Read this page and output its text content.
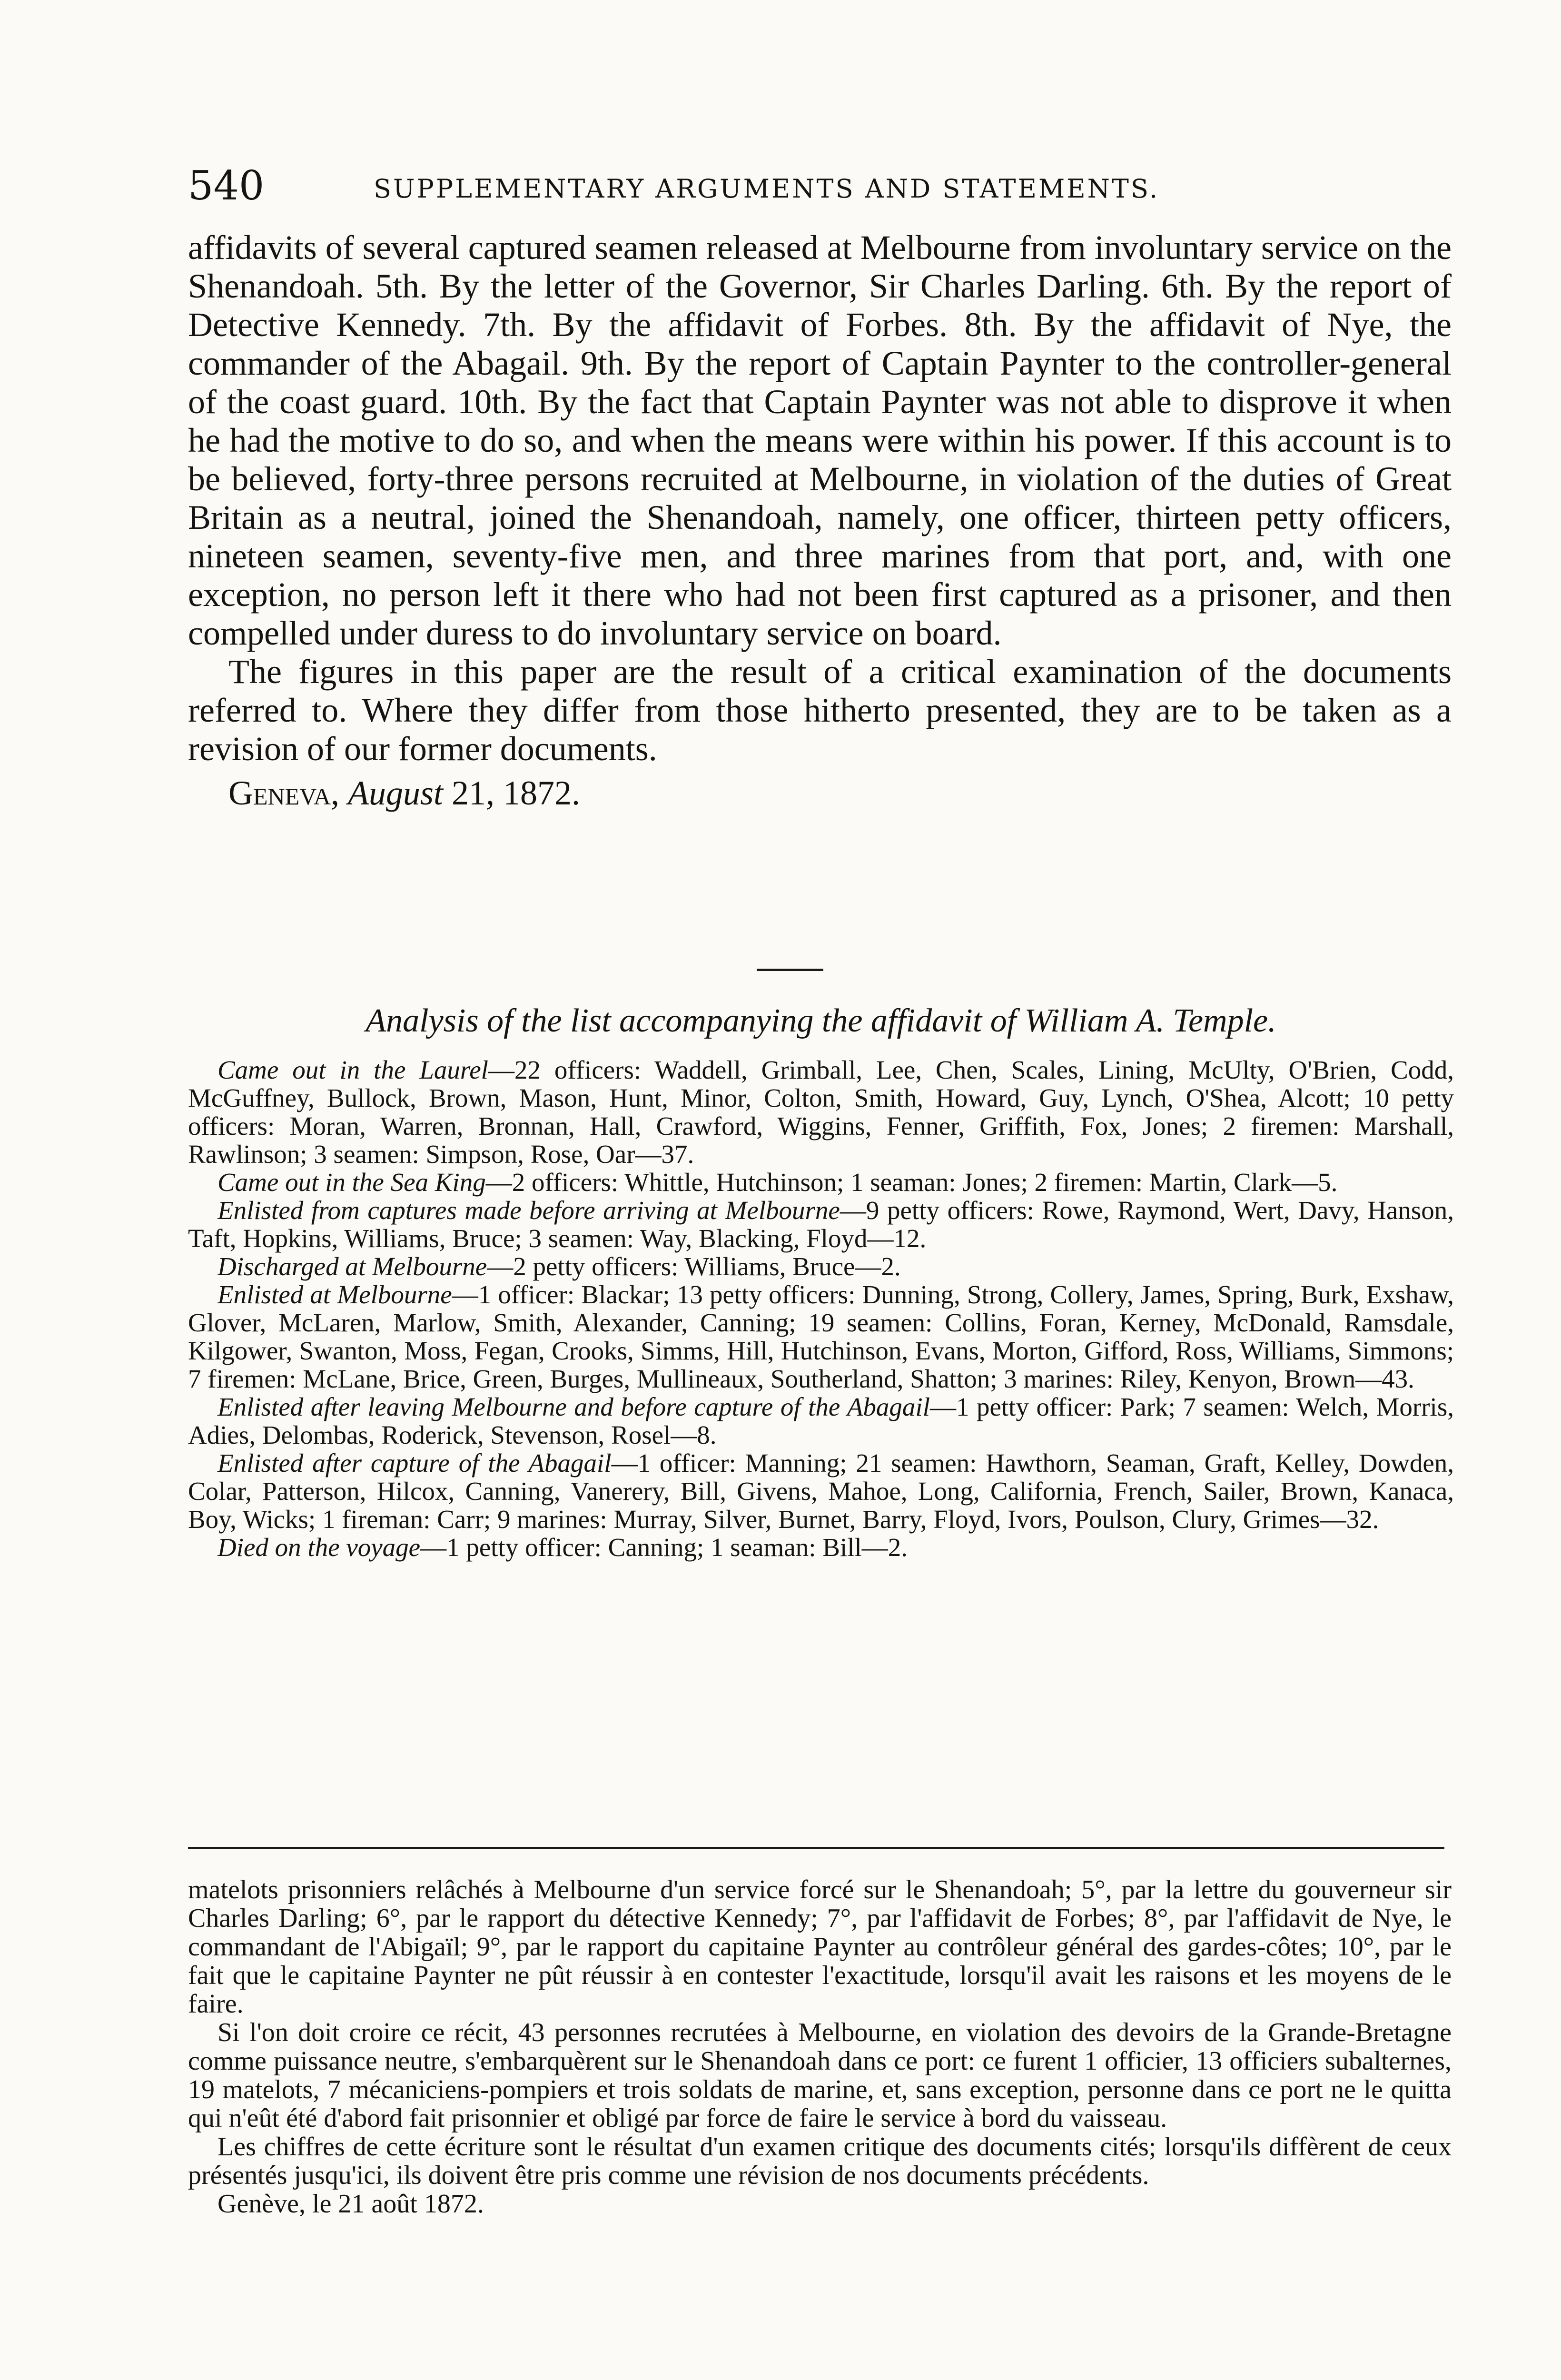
540	SUPPLEMENTARY ARGUMENTS AND STATEMENTS.

affidavits of several captured seamen released at Melbourne from involuntary service on the Shenandoah. 5th. By the letter of the Governor, Sir Charles Darling. 6th. By the report of Detective Kennedy. 7th. By the affidavit of Forbes. 8th. By the affidavit of Nye, the commander of the Abagail. 9th. By the report of Captain Paynter to the controller-general of the coast guard. 10th. By the fact that Captain Paynter was not able to disprove it when he had the motive to do so, and when the means were within his power. If this account is to be believed, forty-three persons recruited at Melbourne, in violation of the duties of Great Britain as a neutral, joined the Shenandoah, namely, one officer, thirteen petty officers, nineteen seamen, seventy-five men, and three marines from that port, and, with one exception, no person left it there who had not been first captured as a prisoner, and then compelled under duress to do involuntary service on board.

The figures in this paper are the result of a critical examination of the documents referred to. Where they differ from those hitherto presented, they are to be taken as a revision of our former documents.

Geneva, August 21, 1872.

Analysis of the list accompanying the affidavit of William A. Temple.

Came out in the Laurel—22 officers: Waddell, Grimball, Lee, Chen, Scales, Lining, McUlty, O'Brien, Codd, McGuffney, Bullock, Brown, Mason, Hunt, Minor, Colton, Smith, Howard, Guy, Lynch, O'Shea, Alcott; 10 petty officers: Moran, Warren, Bronnan, Hall, Crawford, Wiggins, Fenner, Griffith, Fox, Jones; 2 firemen: Marshall, Rawlinson; 3 seamen: Simpson, Rose, Oar—37.

Came out in the Sea King—2 officers: Whittle, Hutchinson; 1 seaman: Jones; 2 firemen: Martin, Clark—5.

Enlisted from captures made before arriving at Melbourne—9 petty officers: Rowe, Raymond, Wert, Davy, Hanson, Taft, Hopkins, Williams, Bruce; 3 seamen: Way, Blacking, Floyd—12.

Discharged at Melbourne—2 petty officers: Williams, Bruce—2.

Enlisted at Melbourne—1 officer: Blackar; 13 petty officers: Dunning, Strong, Collery, James, Spring, Burk, Exshaw, Glover, McLaren, Marlow, Smith, Alexander, Canning; 19 seamen: Collins, Foran, Kerney, McDonald, Ramsdale, Kilgower, Swanton, Moss, Fegan, Crooks, Simms, Hill, Hutchinson, Evans, Morton, Gifford, Ross, Williams, Simmons; 7 firemen: McLane, Brice, Green, Burges, Mullineaux, Southerland, Shatton; 3 marines: Riley, Kenyon, Brown—43.

Enlisted after leaving Melbourne and before capture of the Abagail—1 petty officer: Park; 7 seamen: Welch, Morris, Adies, Delombas, Roderick, Stevenson, Rosel—8.

Enlisted after capture of the Abagail—1 officer: Manning; 21 seamen: Hawthorn, Seaman, Graft, Kelley, Dowden, Colar, Patterson, Hilcox, Canning, Vanerery, Bill, Givens, Mahoe, Long, California, French, Sailer, Brown, Kanaca, Boy, Wicks; 1 fireman: Carr; 9 marines: Murray, Silver, Burnet, Barry, Floyd, Ivors, Poulson, Clury, Grimes—32.

Died on the voyage—1 petty officer: Canning; 1 seaman: Bill—2.

matelots prisonniers relâchés à Melbourne d'un service forcé sur le Shenandoah; 5°, par la lettre du gouverneur sir Charles Darling; 6°, par le rapport du détective Kennedy; 7°, par l'affidavit de Forbes; 8°, par l'affidavit de Nye, le commandant de l'Abigaïl; 9°, par le rapport du capitaine Paynter au contrôleur général des gardes-côtes; 10°, par le fait que le capitaine Paynter ne pût réussir à en contester l'exactitude, lorsqu'il avait les raisons et les moyens de le faire.

Si l'on doit croire ce récit, 43 personnes recrutées à Melbourne, en violation des devoirs de la Grande-Bretagne comme puissance neutre, s'embarquèrent sur le Shenandoah dans ce port: ce furent 1 officier, 13 officiers subalternes, 19 matelots, 7 mécaniciens-pompiers et trois soldats de marine, et, sans exception, personne dans ce port ne le quitta qui n'eût été d'abord fait prisonnier et obligé par force de faire le service à bord du vaisseau.

Les chiffres de cette écriture sont le résultat d'un examen critique des documents cités; lorsqu'ils diffèrent de ceux présentés jusqu'ici, ils doivent être pris comme une révision de nos documents précédents.

Genève, le 21 août 1872.
